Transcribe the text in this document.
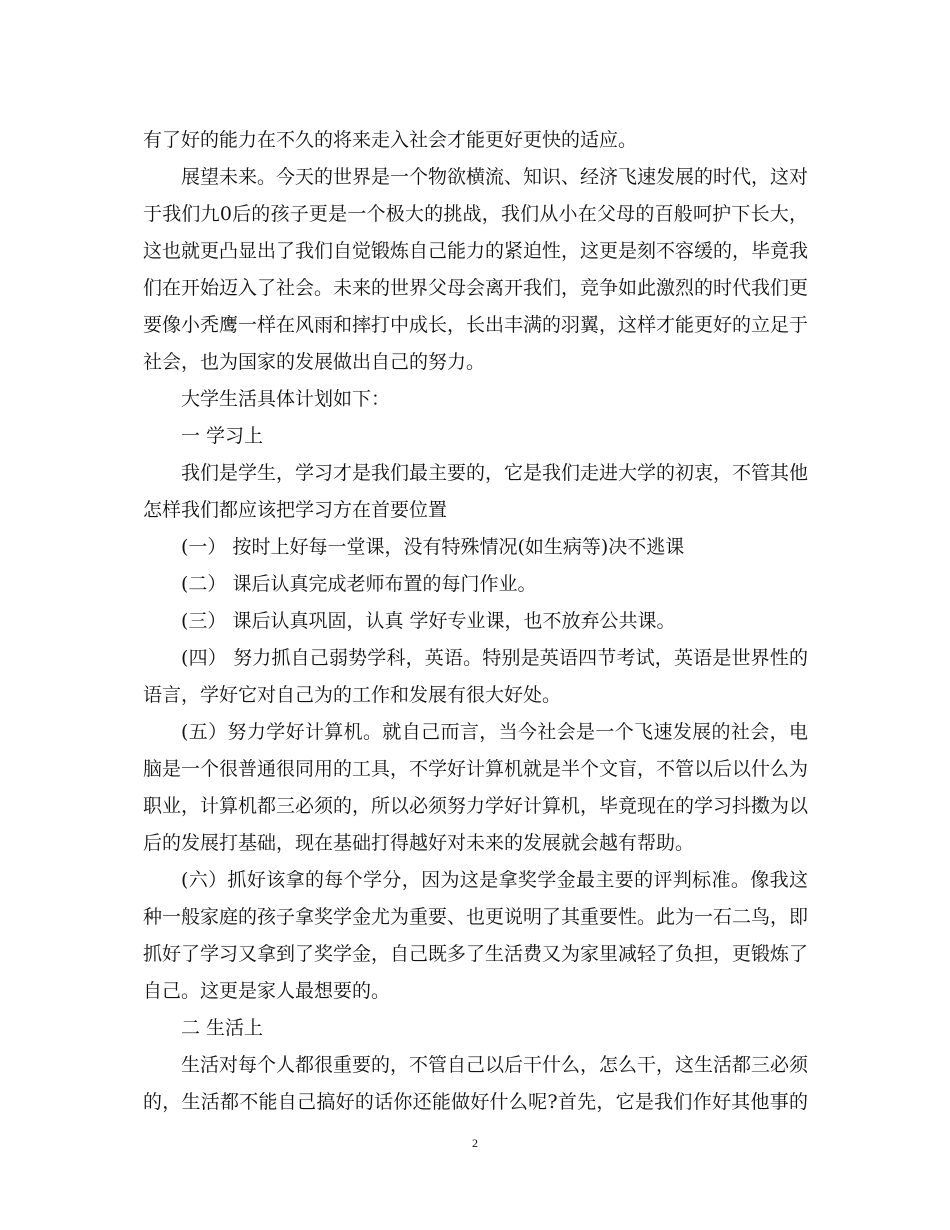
有了好的能力在不久的将来走入社会才能更好更快的适应。
展望未来。今天的世界是一个物欲横流、知识、经济飞速发展的时代，这对
于我们九0后的孩子更是一个极大的挑战，我们从小在父母的百般呵护下长大，
这也就更凸显出了我们自觉锻炼自己能力的紧迫性，这更是刻不容缓的，毕竟我
们在开始迈入了社会。未来的世界父母会离开我们，竞争如此激烈的时代我们更
要像小秃鹰一样在风雨和摔打中成长，长出丰满的羽翼，这样才能更好的立足于
社会，也为国家的发展做出自己的努力。
大学生活具体计划如下：
一 学习上
我们是学生，学习才是我们最主要的，它是我们走进大学的初衷，不管其他
怎样我们都应该把学习方在首要位置
(一） 按时上好每一堂课，没有特殊情况(如生病等)决不逃课
(二） 课后认真完成老师布置的每门作业。
(三） 课后认真巩固，认真 学好专业课，也不放弃公共课。
(四） 努力抓自己弱势学科，英语。特别是英语四节考试，英语是世界性的
语言，学好它对自己为的工作和发展有很大好处。
(五）努力学好计算机。就自己而言，当今社会是一个飞速发展的社会，电
脑是一个很普通很同用的工具，不学好计算机就是半个文盲，不管以后以什么为
职业，计算机都三必须的，所以必须努力学好计算机，毕竟现在的学习抖擞为以
后的发展打基础，现在基础打得越好对未来的发展就会越有帮助。
(六）抓好该拿的每个学分，因为这是拿奖学金最主要的评判标准。像我这
种一般家庭的孩子拿奖学金尤为重要、也更说明了其重要性。此为一石二鸟，即
抓好了学习又拿到了奖学金，自己既多了生活费又为家里减轻了负担，更锻炼了
自己。这更是家人最想要的。
二 生活上
生活对每个人都很重要的，不管自己以后干什么，怎么干，这生活都三必须
的，生活都不能自己搞好的话你还能做好什么呢?首先，它是我们作好其他事的
2
